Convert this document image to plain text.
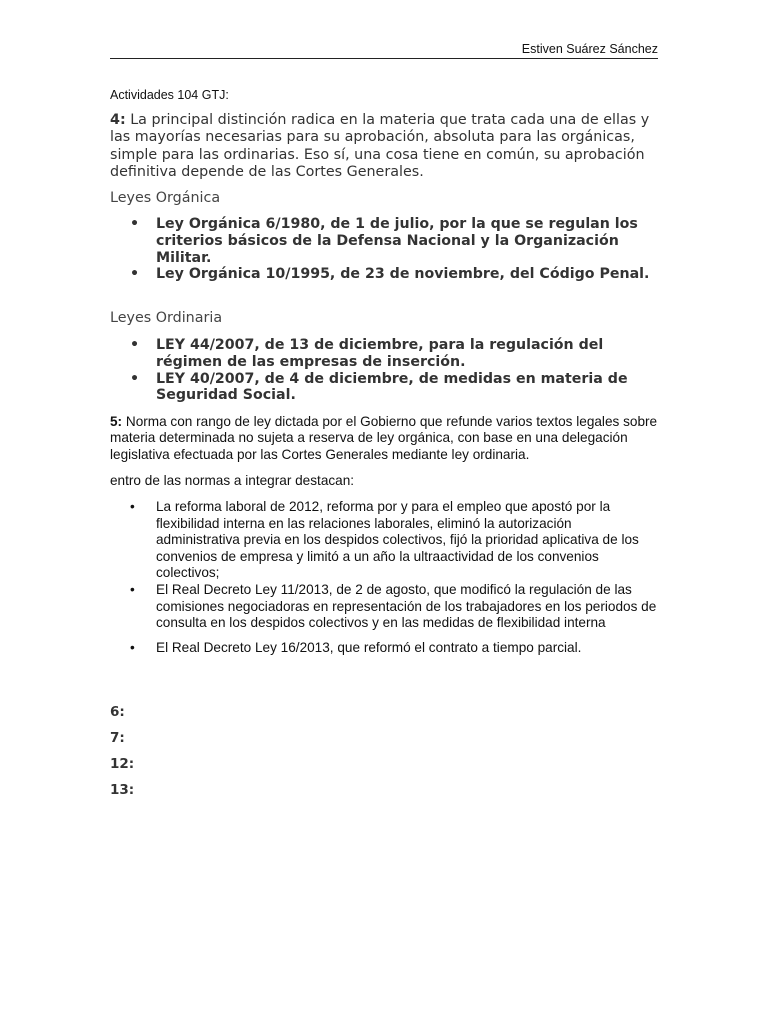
Estiven Suárez Sánchez
Actividades 104 GTJ:
4: La principal distinción radica en la materia que trata cada una de ellas y las mayorías necesarias para su aprobación, absoluta para las orgánicas, simple para las ordinarias. Eso sí, una cosa tiene en común, su aprobación definitiva depende de las Cortes Generales.
Leyes Orgánica
• Ley Orgánica 6/1980, de 1 de julio, por la que se regulan los criterios básicos de la Defensa Nacional y la Organización Militar.
• Ley Orgánica 10/1995, de 23 de noviembre, del Código Penal.
Leyes Ordinaria
• LEY 44/2007, de 13 de diciembre, para la regulación del régimen de las empresas de inserción.
• LEY 40/2007, de 4 de diciembre, de medidas en materia de Seguridad Social.
5: Norma con rango de ley dictada por el Gobierno que refunde varios textos legales sobre materia determinada no sujeta a reserva de ley orgánica, con base en una delegación legislativa efectuada por las Cortes Generales mediante ley ordinaria.
entro de las normas a integrar destacan:
• La reforma laboral de 2012, reforma por y para el empleo que apostó por la flexibilidad interna en las relaciones laborales, eliminó la autorización administrativa previa en los despidos colectivos, fijó la prioridad aplicativa de los convenios de empresa y limitó a un año la ultraactividad de los convenios colectivos;
• El Real Decreto Ley 11/2013, de 2 de agosto, que modificó la regulación de las comisiones negociadoras en representación de los trabajadores en los periodos de consulta en los despidos colectivos y en las medidas de flexibilidad interna
• El Real Decreto Ley 16/2013, que reformó el contrato a tiempo parcial.
6:
7:
12:
13:
